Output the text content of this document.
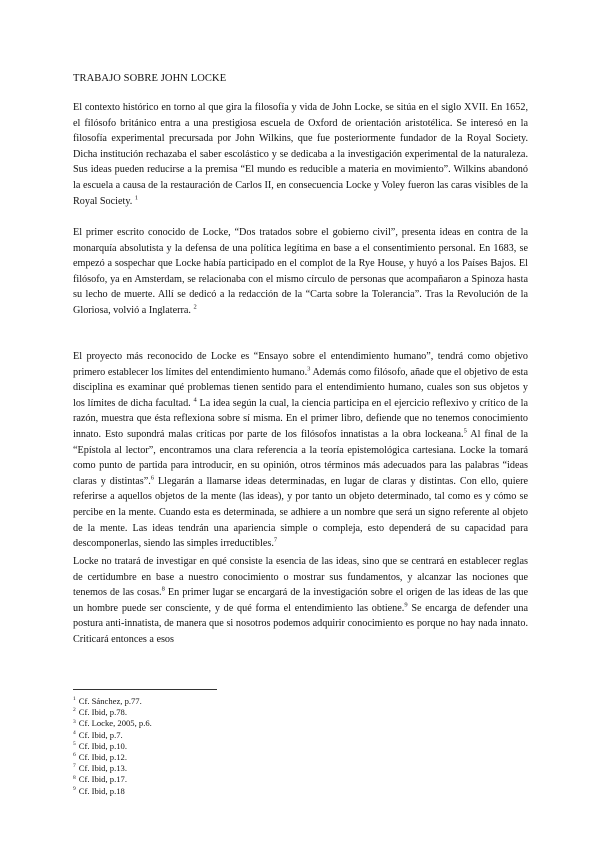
TRABAJO SOBRE JOHN LOCKE

El contexto histórico en torno al que gira la filosofía y vida de John Locke, se sitúa en el siglo XVII. En 1652, el filósofo británico entra a una prestigiosa escuela de Oxford de orientación aristotélica. Se interesó en la filosofía experimental precursada por John Wilkins, que fue posteriormente fundador de la Royal Society. Dicha institución rechazaba el saber escolástico y se dedicaba a la investigación experimental de la naturaleza. Sus ideas pueden reducirse a la premisa “El mundo es reducible a materia en movimiento”. Wilkins abandonó la escuela a causa de la restauración de Carlos II, en consecuencia Locke y Voley fueron las caras visibles de la Royal Society. $^1$

El primer escrito conocido de Locke, “Dos tratados sobre el gobierno civil”, presenta ideas en contra de la monarquía absolutista y la defensa de una política legítima en base a el consentimiento personal. En 1683, se empezó a sospechar que Locke había participado en el complot de la Rye House, y huyó a los Países Bajos. El filósofo, ya en Amsterdam, se relacionaba con el mismo círculo de personas que acompañaron a Spinoza hasta su lecho de muerte. Allí se dedicó a la redacción de la “Carta sobre la Tolerancia”. Tras la Revolución de la Gloriosa, volvió a Inglaterra. $^2$

El proyecto más reconocido de Locke es “Ensayo sobre el entendimiento humano”, tendrá como objetivo primero establecer los límites del entendimiento humano.$^3$ Además como filósofo, añade que el objetivo de esta disciplina es examinar qué problemas tienen sentido para el entendimiento humano, cuales son sus objetos y los límites de dicha facultad. $^4$ La idea según la cual, la ciencia participa en el ejercicio reflexivo y crítico de la razón, muestra que ésta reflexiona sobre sí misma. En el primer libro, defiende que no tenemos conocimiento innato. Esto supondrá malas críticas por parte de los filósofos innatistas a la obra lockeana.$^5$ Al final de la “Epístola al lector”, encontramos una clara referencia a la teoría epistemológica cartesiana. Locke la tomará como punto de partida para introducir, en su opinión, otros términos más adecuados para las palabras “ideas claras y distintas”.$^6$ Llegarán a llamarse ideas determinadas, en lugar de claras y distintas. Con ello, quiere referirse a aquellos objetos de la mente (las ideas), y por tanto un objeto determinado, tal como es y cómo se percibe en la mente. Cuando esta es determinada, se adhiere a un nombre que será un signo referente al objeto de la mente. Las ideas tendrán una apariencia simple o compleja, esto dependerá de su capacidad para descomponerlas, siendo las simples irreductibles.$^7$

Locke no tratará de investigar en qué consiste la esencia de las ideas, sino que se centrará en establecer reglas de certidumbre en base a nuestro conocimiento o mostrar sus fundamentos, y alcanzar las nociones que tenemos de las cosas.$^8$ En primer lugar se encargará de la investigación sobre el origen de las ideas de las que un hombre puede ser consciente, y de qué forma el entendimiento las obtiene.$^9$ Se encarga de defender una postura anti-innatista, de manera que si nosotros podemos adquirir conocimiento es porque no hay nada innato. Criticará entonces a esos

$^1$ Cf. Sánchez, p.77.
$^2$ Cf. Ibid, p.78.
$^3$ Cf. Locke, 2005, p.6.
$^4$ Cf. Ibid, p.7.
$^5$ Cf. Ibid, p.10.
$^6$ Cf. Ibid, p.12.
$^7$ Cf. Ibid, p.13.
$^8$ Cf. Ibid, p.17.
$^9$ Cf. Ibid, p.18
